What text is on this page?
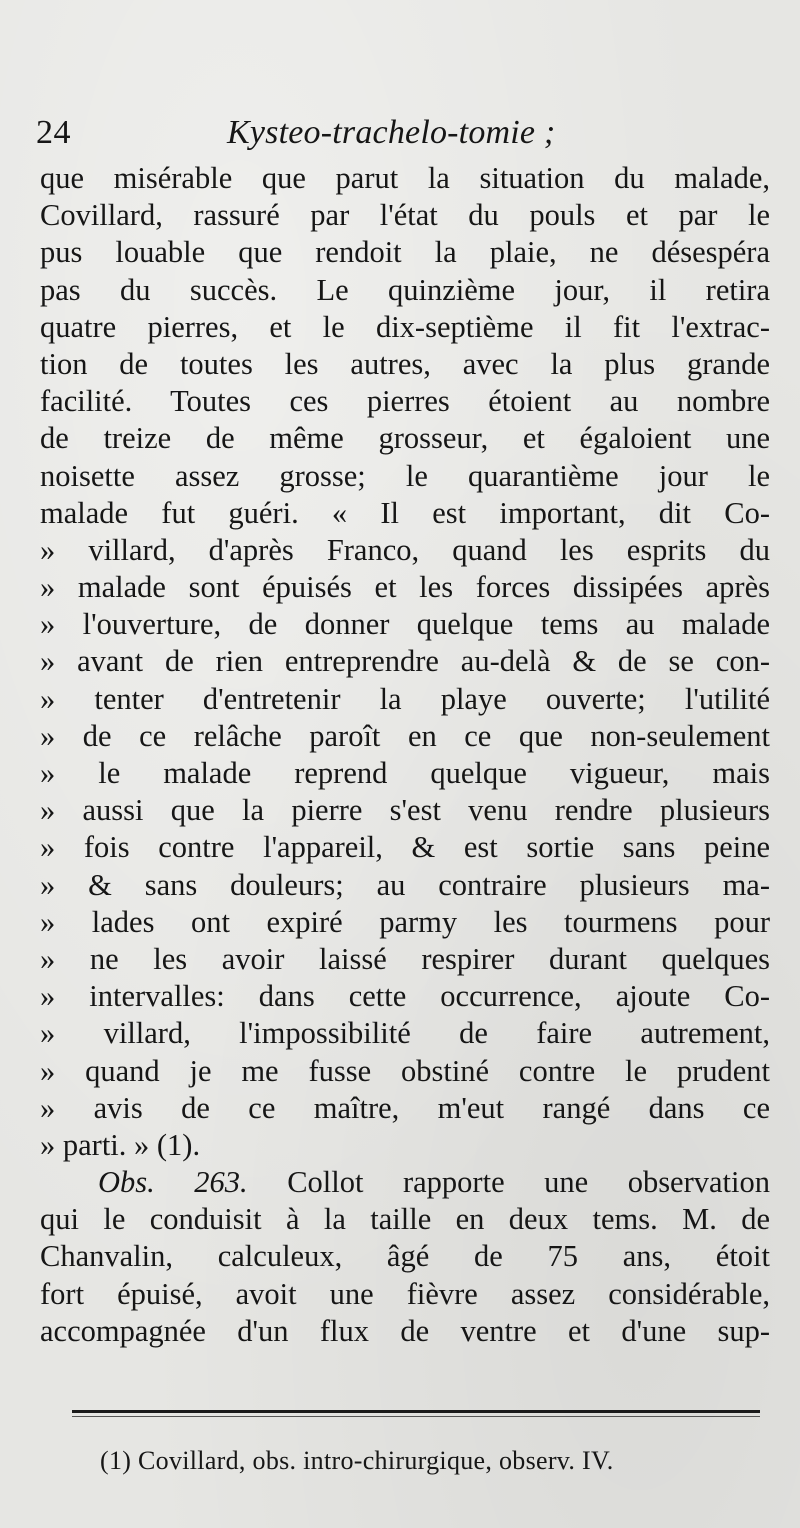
24	Kysteo-trachelo-tomie ;
que misérable que parut la situation du malade,
Covillard, rassuré par l'état du pouls et par le
pus louable que rendoit la plaie, ne désespéra
pas du succès. Le quinzième jour, il retira
quatre pierres, et le dix-septième il fit l'extrac-
tion de toutes les autres, avec la plus grande
facilité. Toutes ces pierres étoient au nombre
de treize de même grosseur, et égaloient une
noisette assez grosse; le quarantième jour le
malade fut guéri. « Il est important, dit Co-
» villard, d'après Franco, quand les esprits du
» malade sont épuisés et les forces dissipées après
» l'ouverture, de donner quelque tems au malade
» avant de rien entreprendre au-delà & de se con-
» tenter d'entretenir la playe ouverte; l'utilité
» de ce relâche paroît en ce que non-seulement
» le malade reprend quelque vigueur, mais
» aussi que la pierre s'est venu rendre plusieurs
» fois contre l'appareil, & est sortie sans peine
» & sans douleurs; au contraire plusieurs ma-
» lades ont expiré parmy les tourmens pour
» ne les avoir laissé respirer durant quelques
» intervalles: dans cette occurrence, ajoute Co-
» villard, l'impossibilité de faire autrement,
» quand je me fusse obstiné contre le prudent
» avis de ce maître, m'eut rangé dans ce
» parti. » (1).
Obs. 263. Collot rapporte une observation
qui le conduisit à la taille en deux tems. M. de
Chanvalin, calculeux, âgé de 75 ans, étoit
fort épuisé, avoit une fièvre assez considérable,
accompagnée d'un flux de ventre et d'une sup-
(1) Covillard, obs. intro-chirurgique, observ. IV.
